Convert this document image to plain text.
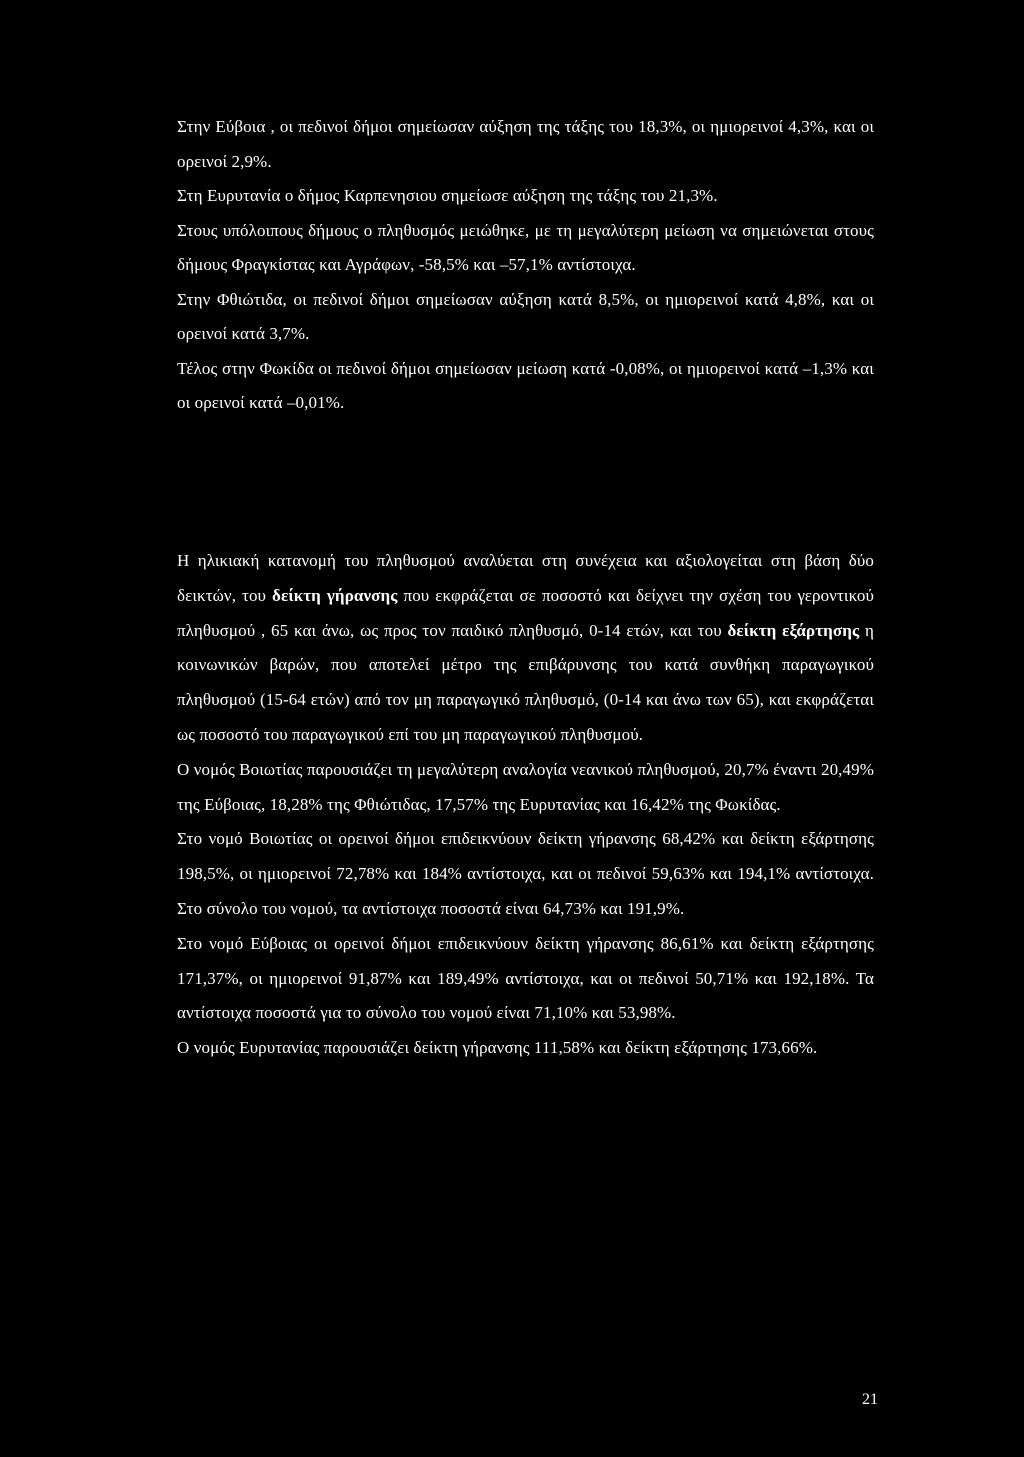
Στην Εύβοια , οι πεδινοί δήμοι σημείωσαν αύξηση της τάξης του 18,3%, οι ημιορεινοί 4,3%, και οι ορεινοί 2,9%.

Στη Ευρυτανία ο δήμος Καρπενησιου σημείωσε αύξηση της τάξης του 21,3%.

Στους υπόλοιπους δήμους ο πληθυσμός μειώθηκε, με τη μεγαλύτερη μείωση να σημειώνεται στους δήμους Φραγκίστας και Αγράφων, -58,5% και –57,1% αντίστοιχα.

Στην Φθιώτιδα, οι πεδινοί δήμοι σημείωσαν αύξηση κατά 8,5%, οι ημιορεινοί κατά 4,8%, και οι ορεινοί κατά 3,7%.

Τέλος στην Φωκίδα οι πεδινοί δήμοι σημείωσαν μείωση κατά -0,08%, οι ημιορεινοί κατά –1,3% και οι ορεινοί κατά –0,01%.

Η ηλικιακή κατανομή του πληθυσμού αναλύεται στη συνέχεια και αξιολογείται στη βάση δύο δεικτών, του δείκτη γήρανσης που εκφράζεται σε ποσοστό και δείχνει την σχέση του γεροντικού πληθυσμού , 65 και άνω, ως προς τον παιδικό πληθυσμό, 0-14 ετών, και του δείκτη εξάρτησης η κοινωνικών βαρών, που αποτελεί μέτρο της επιβάρυνσης του κατά συνθήκη παραγωγικού πληθυσμού (15-64 ετών) από τον μη παραγωγικό πληθυσμό, (0-14 και άνω των 65), και εκφράζεται ως ποσοστό του παραγωγικού επί του μη παραγωγικού πληθυσμού.

Ο νομός Βοιωτίας παρουσιάζει τη μεγαλύτερη αναλογία νεανικού πληθυσμού, 20,7% έναντι 20,49% της Εύβοιας, 18,28% της Φθιώτιδας, 17,57% της Ευρυτανίας και 16,42% της Φωκίδας.

Στο νομό Βοιωτίας οι ορεινοί δήμοι επιδεικνύουν δείκτη γήρανσης 68,42% και δείκτη εξάρτησης 198,5%, οι ημιορεινοί 72,78% και 184% αντίστοιχα, και οι πεδινοί 59,63% και 194,1% αντίστοιχα. Στο σύνολο του νομού, τα αντίστοιχα ποσοστά είναι 64,73% και 191,9%.

Στο νομό Εύβοιας οι ορεινοί δήμοι επιδεικνύουν δείκτη γήρανσης 86,61% και δείκτη εξάρτησης 171,37%, οι ημιορεινοί 91,87% και 189,49% αντίστοιχα, και οι πεδινοί 50,71% και 192,18%. Τα αντίστοιχα ποσοστά για το σύνολο του νομού είναι 71,10% και 53,98%.

Ο νομός Ευρυτανίας παρουσιάζει δείκτη γήρανσης 111,58% και δείκτη εξάρτησης 173,66%.

21
